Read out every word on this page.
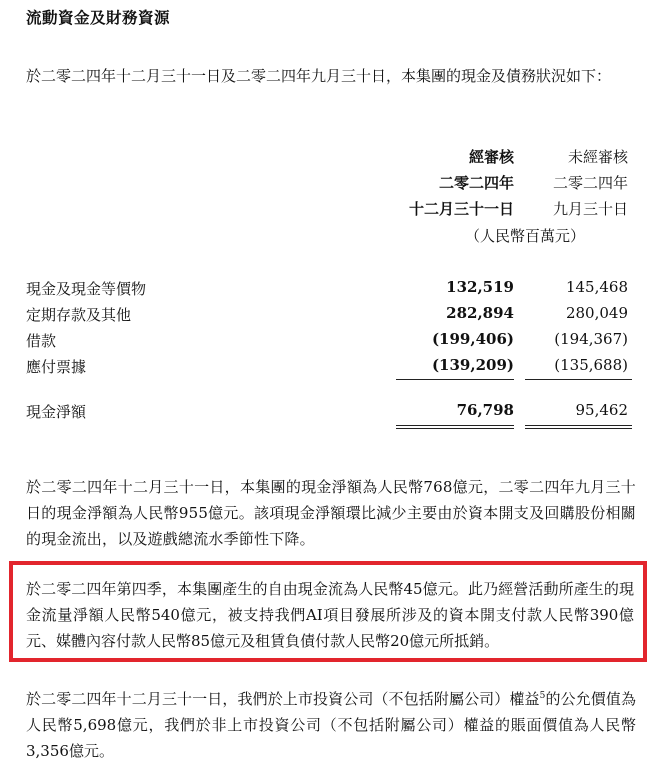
流動資金及財務資源
於二零二四年十二月三十一日及二零二四年九月三十日，本集團的現金及債務狀況如下：
經審核	未經審核
二零二四年	二零二四年
十二月三十一日	九月三十日
（人民幣百萬元）
現金及現金等價物	132,519	145,468
定期存款及其他	282,894	280,049
借款	(199,406)	(194,367)
應付票據	(139,209)	(135,688)
現金淨額	76,798	95,462
於二零二四年十二月三十一日，本集團的現金淨額為人民幣768億元，二零二四年九月三十日的現金淨額為人民幣955億元。該項現金淨額環比減少主要由於資本開支及回購股份相關的現金流出，以及遊戲總流水季節性下降。
於二零二四年第四季，本集團產生的自由現金流為人民幣45億元。此乃經營活動所產生的現金流量淨額人民幣540億元，被支持我們AI項目發展所涉及的資本開支付款人民幣390億元、媒體內容付款人民幣85億元及租賃負債付款人民幣20億元所抵銷。
於二零二四年十二月三十一日，我們於上市投資公司（不包括附屬公司）權益$^5$的公允價值為人民幣5,698億元，我們於非上市投資公司（不包括附屬公司）權益的賬面價值為人民幣3,356億元。
